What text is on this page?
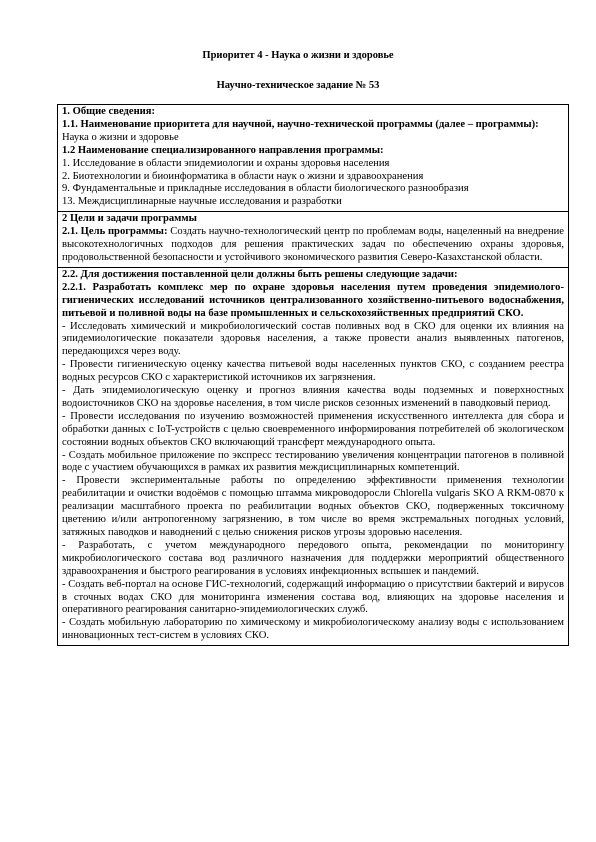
Приоритет 4 - Наука о жизни и здоровье
Научно-техническое задание № 53
1. Общие сведения:
1.1. Наименование приоритета для научной, научно-технической программы (далее – программы):
Наука о жизни и здоровье
1.2 Наименование специализированного направления программы:
1. Исследование в области эпидемиологии и охраны здоровья населения
2. Биотехнологии и биоинформатика в области наук о жизни и здравоохранения
9. Фундаментальные и прикладные исследования в области биологического разнообразия
13. Междисциплинарные научные исследования и разработки

2 Цели и задачи программы
2.1. Цель программы: Создать научно-технологический центр по проблемам воды, нацеленный на внедрение высокотехнологичных подходов для решения практических задач по обеспечению охраны здоровья, продовольственной безопасности и устойчивого экономического развития Северо-Казахстанской области.

2.2. Для достижения поставленной цели должны быть решены следующие задачи:
2.2.1. Разработать комплекс мер по охране здоровья населения путем проведения эпидемиолого-гигиенических исследований источников централизованного хозяйственно-питьевого водоснабжения, питьевой и поливной воды на базе промышленных и сельскохозяйственных предприятий СКО.
- Исследовать химический и микробиологический состав поливных вод в СКО для оценки их влияния на эпидемиологические показатели здоровья населения, а также провести анализ выявленных патогенов, передающихся через воду.
- Провести гигиеническую оценку качества питьевой воды населенных пунктов СКО, с созданием реестра водных ресурсов СКО с характеристикой источников их загрязнения.
- Дать эпидемиологическую оценку и прогноз влияния качества воды подземных и поверхностных водоисточников СКО на здоровье населения, в том числе рисков сезонных изменений в паводковый период.
- Провести исследования по изучению возможностей применения искусственного интеллекта для сбора и обработки данных с IoT-устройств с целью своевременного информирования потребителей об экологическом состоянии водных объектов СКО включающий трансферт международного опыта.
- Создать мобильное приложение по экспресс тестированию увеличения концентрации патогенов в поливной воде с участием обучающихся в рамках их развития междисциплинарных компетенций.
- Провести экспериментальные работы по определению эффективности применения технологии реабилитации и очистки водоёмов с помощью штамма микроводоросли Chlorella vulgaris SKO A RKM-0870 к реализации масштабного проекта по реабилитации водных объектов СКО, подверженных токсичному цветению и/или антропогенному загрязнению, в том числе во время экстремальных погодных условий, затяжных паводков и наводнений с целью снижения рисков угрозы здоровью населения.
- Разработать, с учетом международного передового опыта, рекомендации по мониторингу микробиологического состава вод различного назначения для поддержки мероприятий общественного здравоохранения и быстрого реагирования в условиях инфекционных вспышек и пандемий.
- Создать веб-портал на основе ГИС-технологий, содержащий информацию о присутствии бактерий и вирусов в сточных водах СКО для мониторинга изменения состава вод, влияющих на здоровье населения и оперативного реагирования санитарно-эпидемиологических служб.
- Создать мобильную лабораторию по химическому и микробиологическому анализу воды с использованием инновационных тест-систем в условиях СКО.
